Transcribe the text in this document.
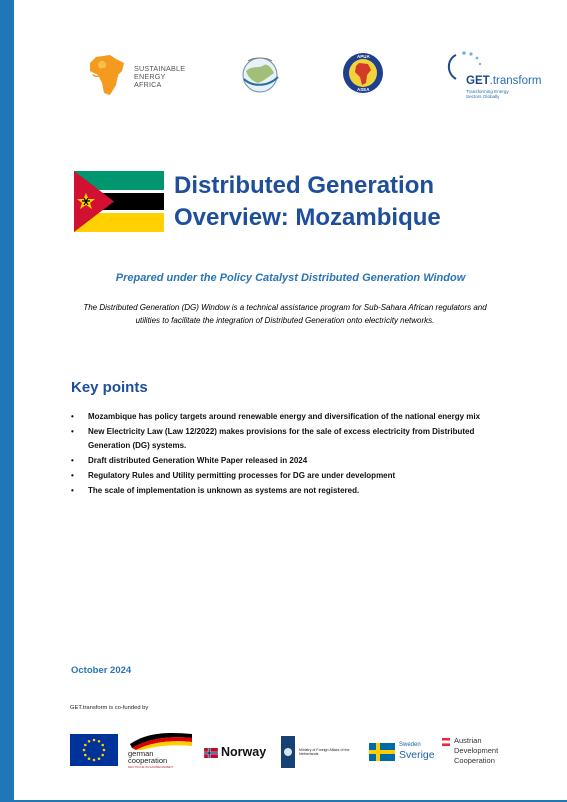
SEA SUSTAINABLE
ENERGY
AFRICA
APUA
ASEA
GET.transform
Transforming Energy
Sectors Globally
Distributed Generation
Overview: Mozambique
Prepared under the Policy Catalyst Distributed Generation Window
The Distributed Generation (DG) Window is a technical assistance program for Sub-Sahara African regulators and utilities to facilitate the integration of Distributed Generation onto electricity networks.
Key points
• Mozambique has policy targets around renewable energy and diversification of the national energy mix
• New Electricity Law (Law 12/2022) makes provisions for the sale of excess electricity from Distributed Generation (DG) systems.
• Draft distributed Generation White Paper released in 2024
• Regulatory Rules and Utility permitting processes for DG are under development
• The scale of implementation is unknown as systems are not registered.
October 2024
GET.transform is co-funded by
german
cooperation
DEUTSCHE ZUSAMMENARBEIT
Norway	Ministry of Foreign Affairs of the Netherlands
Sweden
Sverige
Austrian
Development
Cooperation
